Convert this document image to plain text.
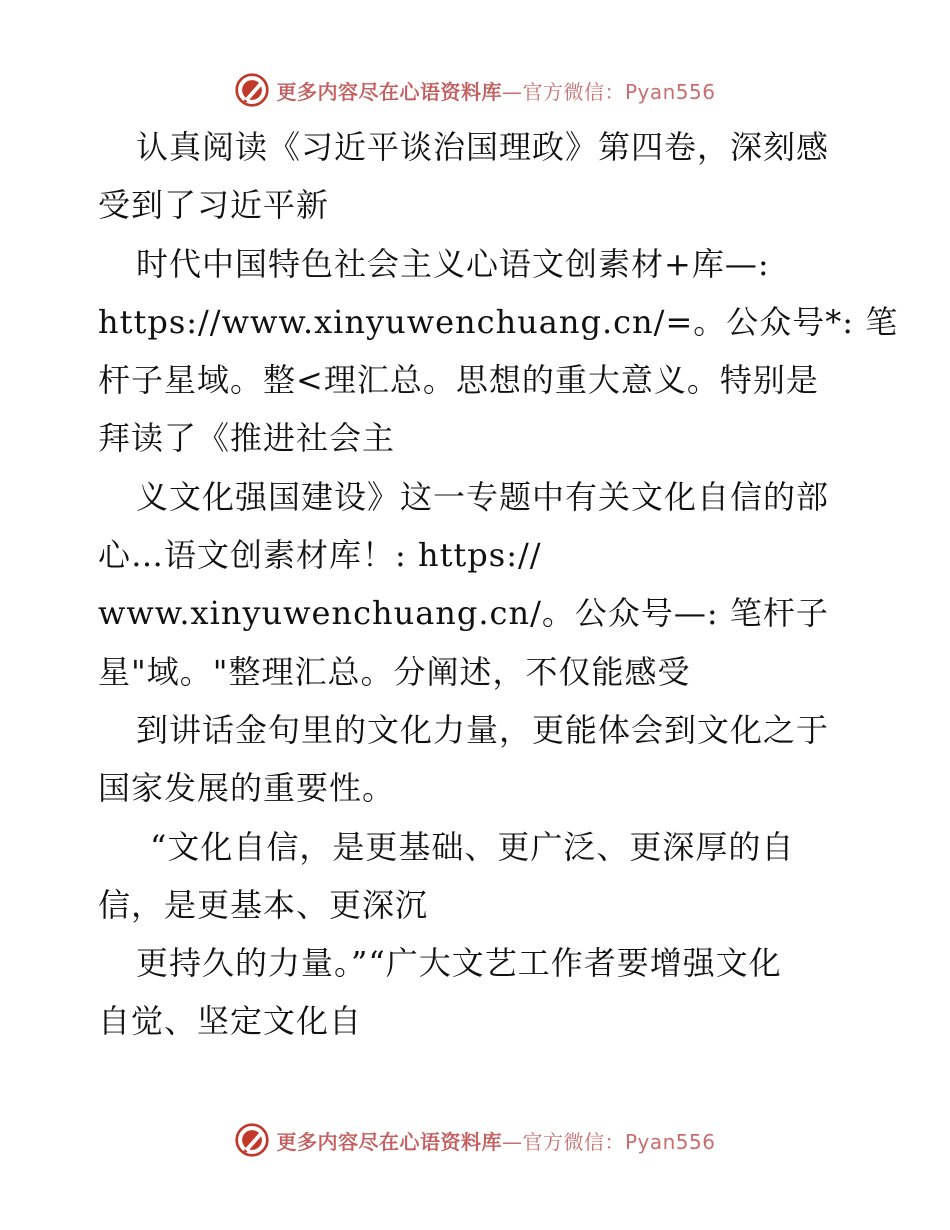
更多内容尽在心语资料库—官方微信：Pyan556
认真阅读《习近平谈治国理政》第四卷，深刻感
受到了习近平新
时代中国特色社会主义心语文创素材+库—:
https://www.xinyuwenchuang.cn/=。公众号*: 笔
杆子星域。整<理汇总。思想的重大意义。特别是
拜读了《推进社会主
义文化强国建设》这一专题中有关文化自信的部
心…语文创素材库！: https://
www.xinyuwenchuang.cn/。公众号—: 笔杆子
星"域。"整理汇总。分阐述，不仅能感受
到讲话金句里的文化力量，更能体会到文化之于
国家发展的重要性。
“文化自信，是更基础、更广泛、更深厚的自
信，是更基本、更深沉
更持久的力量。”“广大文艺工作者要增强文化
自觉、坚定文化自
更多内容尽在心语资料库—官方微信：Pyan556
